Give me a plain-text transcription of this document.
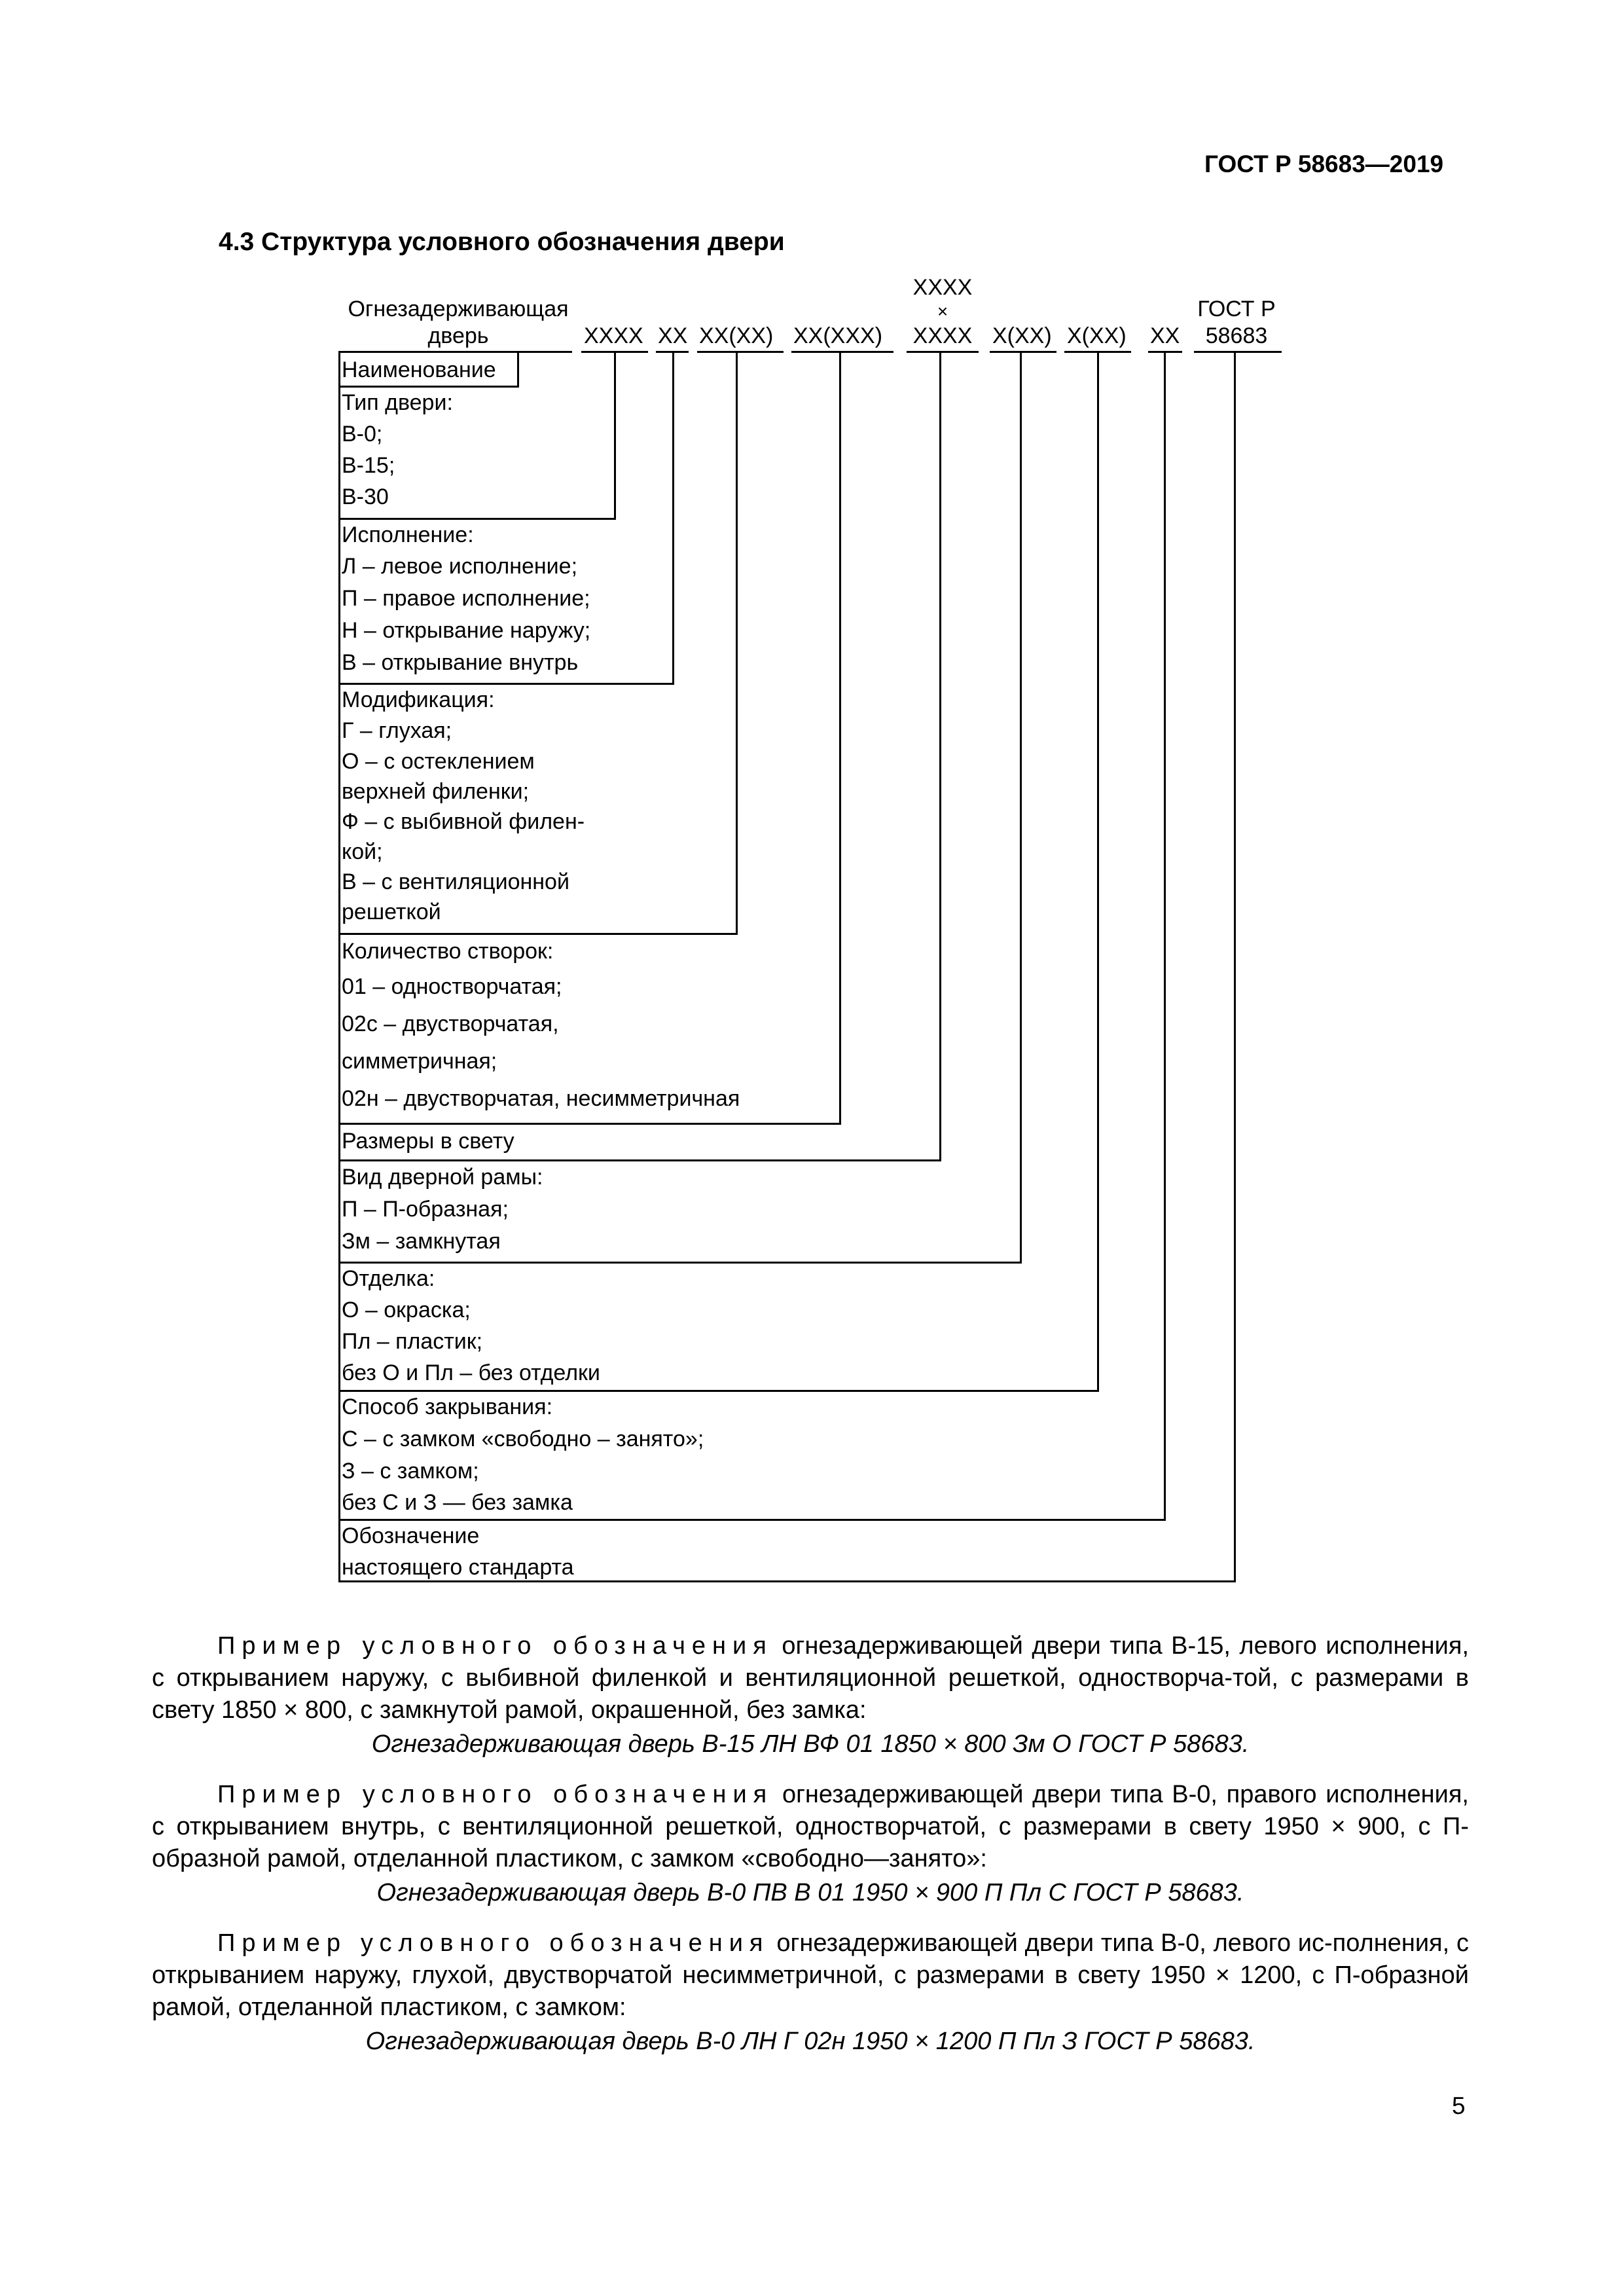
ГОСТ Р 58683—2019
4.3 Структура условного обозначения двери
Огнезадерживающая
дверь	XXXX XX XX(XX) XX(XXX)
XXXX
×
XXXX X(XX) X(XX) XX
ГОСТ Р
58683
Наименование
Тип двери:
В-0;
В-15;
В-30
Исполнение:
Л – левое исполнение;
П – правое исполнение;
Н – открывание наружу;
В – открывание внутрь
Модификация:
Г – глухая;
О – с остеклением
верхней филенки;
Ф – с выбивной филен-
кой;
В – с вентиляционной
решеткой
Количество створок:
01 – одностворчатая;
02с – двустворчатая,
симметричная;
02н – двустворчатая, несимметричная
Размеры в свету
Вид дверной рамы:
П – П-образная;
Зм – замкнутая
Отделка:
О – окраска;
Пл – пластик;
без О и Пл – без отделки
Способ закрывания:
С – с замком «свободно – занято»;
З – с замком;
без С и З — без замка
Обозначение
настоящего стандарта
Пример условного обозначения огнезадерживающей двери типа В-15, левого исполнения, с открыванием наружу, с выбивной филенкой и вентиляционной решеткой, одностворча-той, с размерами в свету 1850 × 800, с замкнутой рамой, окрашенной, без замка:
Огнезадерживающая дверь В-15 ЛН ВФ 01 1850 × 800 Зм О ГОСТ Р 58683.
Пример условного обозначения огнезадерживающей двери типа В-0, правого исполнения, с открыванием внутрь, с вентиляционной решеткой, одностворчатой, с размерами в свету 1950 × 900, с П-образной рамой, отделанной пластиком, с замком «свободно—занято»:
Огнезадерживающая дверь В-0 ПВ В 01 1950 × 900 П Пл С ГОСТ Р 58683.
Пример условного обозначения огнезадерживающей двери типа В-0, левого ис-полнения, с открыванием наружу, глухой, двустворчатой несимметричной, с размерами в свету 1950 × 1200, с П-образной рамой, отделанной пластиком, с замком:
Огнезадерживающая дверь В-0 ЛН Г 02н 1950 × 1200 П Пл З ГОСТ Р 58683.
5
